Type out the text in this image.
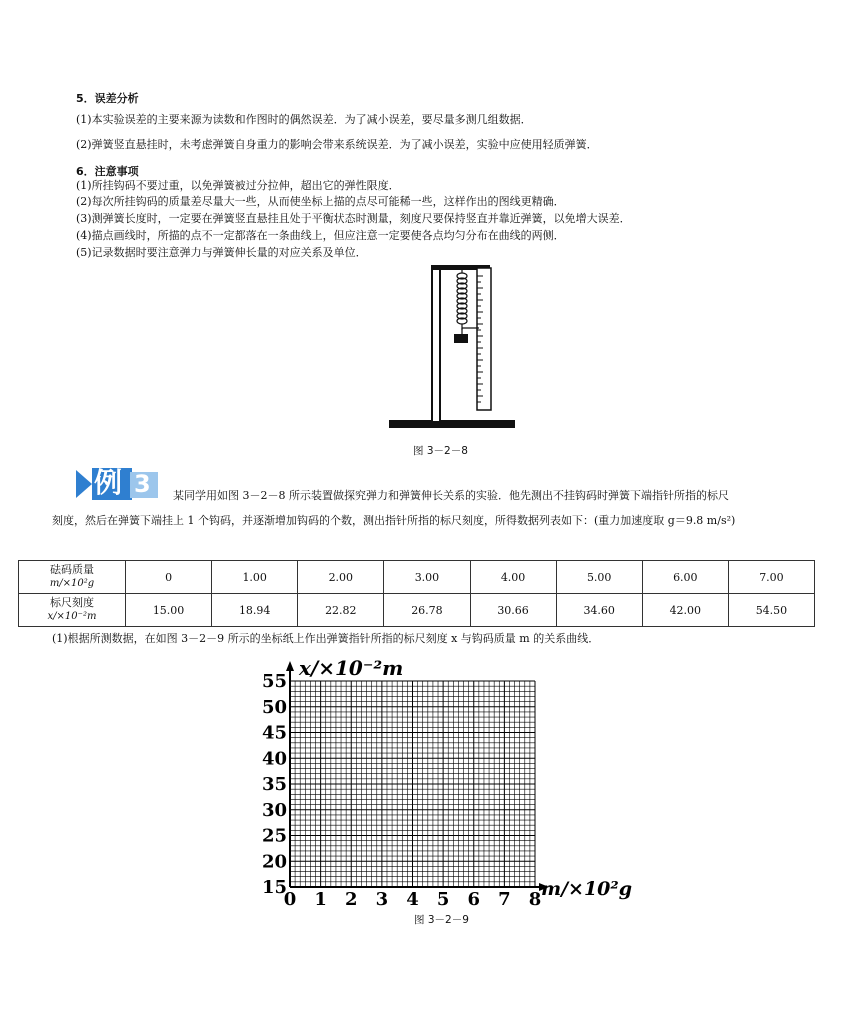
5．误差分析
(1)本实验误差的主要来源为读数和作图时的偶然误差．为了减小误差，要尽量多测几组数据．
(2)弹簧竖直悬挂时，未考虑弹簧自身重力的影响会带来系统误差．为了减小误差，实验中应使用轻质弹簧．
6．注意事项
(1)所挂钩码不要过重，以免弹簧被过分拉伸，超出它的弹性限度．
(2)每次所挂钩码的质量差尽量大一些，从而使坐标上描的点尽可能稀一些，这样作出的图线更精确．
(3)测弹簧长度时，一定要在弹簧竖直悬挂且处于平衡状态时测量，刻度尺要保持竖直并靠近弹簧，以免增大误差．
(4)描点画线时，所描的点不一定都落在一条曲线上，但应注意一定要使各点均匀分布在曲线的两侧．
(5)记录数据时要注意弹力与弹簧伸长量的对应关系及单位．
图 3－2－8
例 3 某同学用如图 3－2－8 所示装置做探究弹力和弹簧伸长关系的实验．他先测出不挂钩码时弹簧下端指针所指的标尺
刻度，然后在弹簧下端挂上 1 个钩码，并逐渐增加钩码的个数，测出指针所指的标尺刻度，所得数据列表如下：(重力加速度取 g＝9.8 m/s²)
砝码质量
m/×10²g	0	1.00	2.00	3.00	4.00	5.00	6.00	7.00

标尺刻度
x/×10⁻²m	15.00	18.94	22.82	26.78	30.66	34.60	42.00	54.50
(1)根据所测数据，在如图 3－2－9 所示的坐标纸上作出弹簧指针所指的标尺刻度 x 与钩码质量 m 的关系曲线．
15
20
25
30
35
40
45
50
55
0 1 2 3 4 5 6 7 8
x/×10⁻²m
m/×10²g
图 3－2－9
